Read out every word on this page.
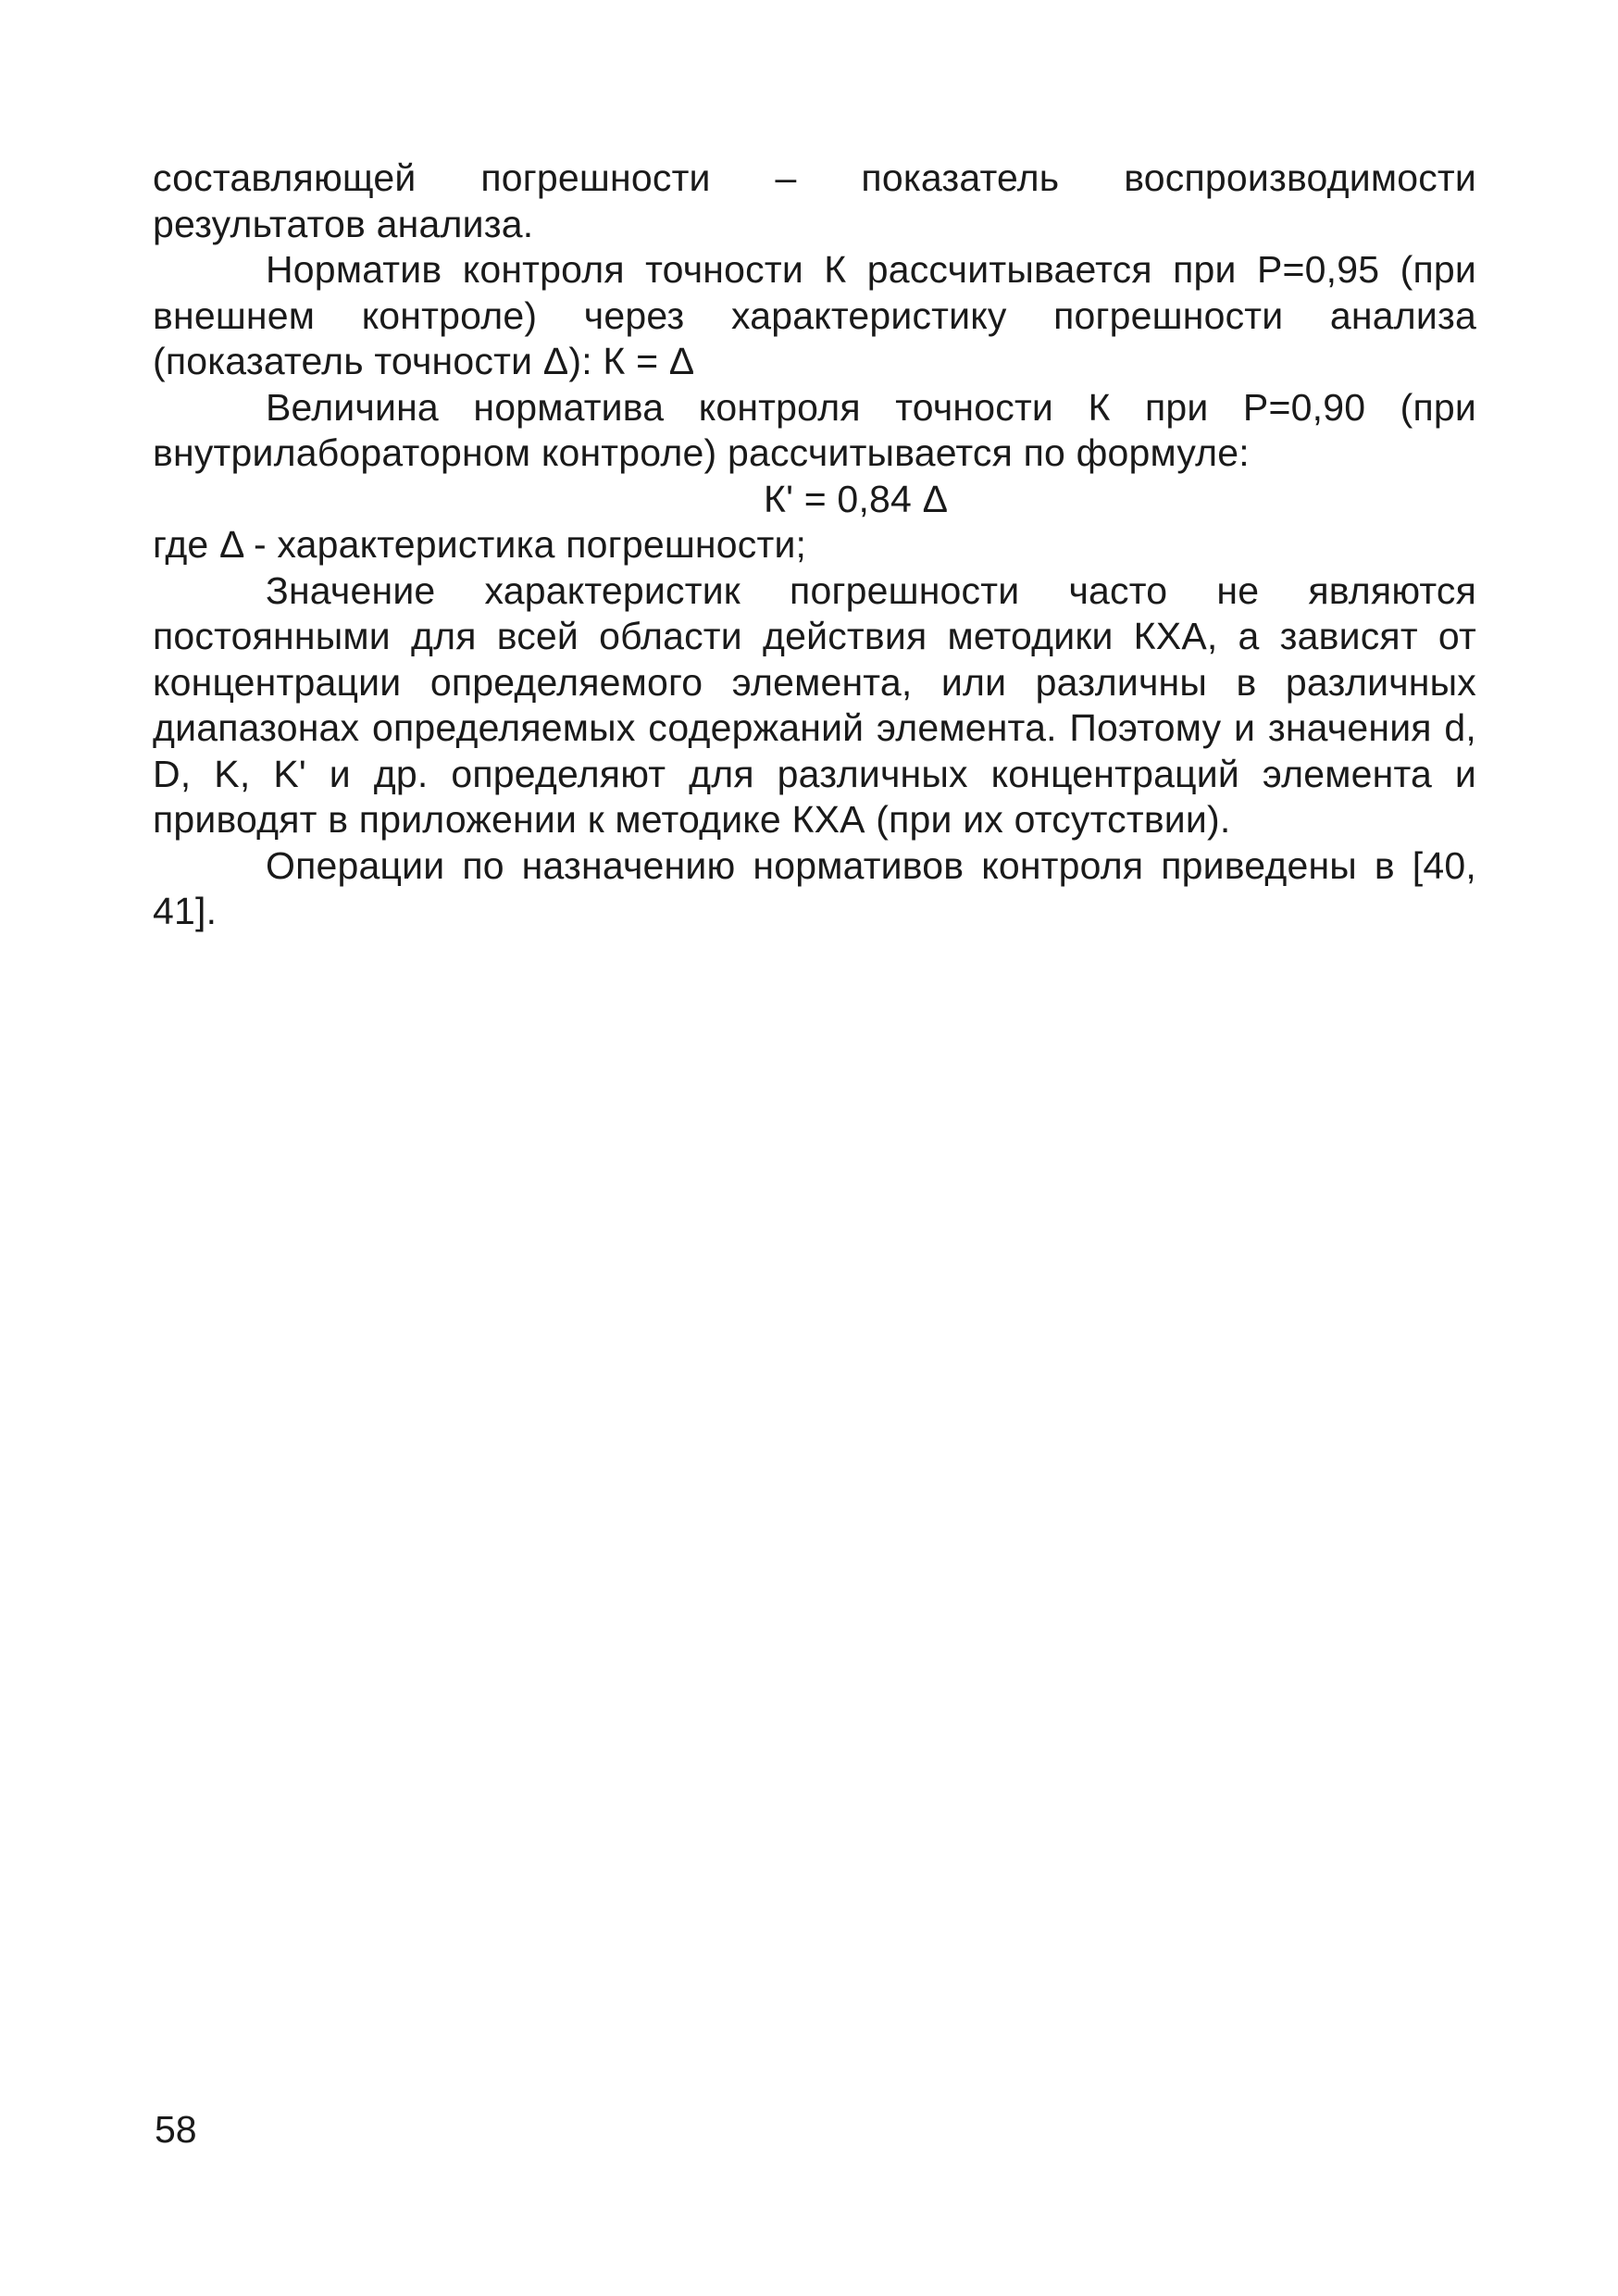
составляющей погрешности – показатель воспроизводимости результатов анализа.

Норматив контроля точности К рассчитывается при Р=0,95 (при внешнем контроле) через характеристику погрешности анализа (показатель точности Δ): К = Δ

Величина норматива контроля точности К при Р=0,90 (при внутрилабораторном контроле) рассчитывается по формуле:

К' = 0,84 Δ

где Δ - характеристика погрешности;

Значение характеристик погрешности часто не являются постоянными для всей области действия методики КХА, а зависят от концентрации определяемого элемента, или различны в различных диапазонах определяемых содержаний элемента. Поэтому и значения d, D, K, K' и др. определяют для различных концентраций элемента и приводят в приложении к методике КХА (при их отсутствии).

Операции по назначению нормативов контроля приведены в [40, 41].

58
